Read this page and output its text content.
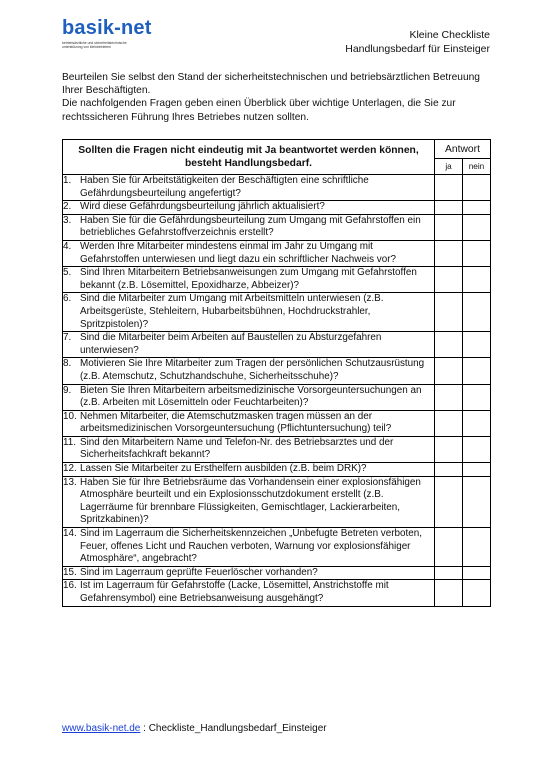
basik-net
betriebsärztliche und sicherheitstechnische unterstützung von kleinbetrieben
Kleine Checkliste
Handlungsbedarf für Einsteiger

Beurteilen Sie selbst den Stand der sicherheitstechnischen und betriebsärztlichen Betreuung Ihrer Beschäftigten.

Die nachfolgenden Fragen geben einen Überblick über wichtige Unterlagen, die Sie zur rechtssicheren Führung Ihres Betriebes nutzen sollten.

Sollten die Fragen nicht eindeutig mit Ja beantwortet werden können, besteht Handlungsbedarf.	Antwort	
	ja	nein

1. Haben Sie für Arbeitstätigkeiten der Beschäftigten eine schriftliche Gefährdungsbeurteilung angefertigt?		

2. Wird diese Gefährdungsbeurteilung jährlich aktualisiert?		

3. Haben Sie für die Gefährdungsbeurteilung zum Umgang mit Gefahrstoffen ein betriebliches Gefahrstoffverzeichnis erstellt?		

4. Werden Ihre Mitarbeiter mindestens einmal im Jahr zu Umgang mit Gefahrstoffen unterwiesen und liegt dazu ein schriftlicher Nachweis vor?		

5. Sind Ihren Mitarbeitern Betriebsanweisungen zum Umgang mit Gefahrstoffen bekannt (z.B. Lösemittel, Epoxidharze, Abbeizer)?		

6. Sind die Mitarbeiter zum Umgang mit Arbeitsmitteln unterwiesen (z.B. Arbeitsgerüste, Stehleitern, Hubarbeitsbühnen, Hochdruckstrahler, Spritzpistolen)?		

7. Sind die Mitarbeiter beim Arbeiten auf Baustellen zu Absturzgefahren unterwiesen?		

8. Motivieren Sie Ihre Mitarbeiter zum Tragen der persönlichen Schutzausrüstung (z.B. Atemschutz, Schutzhandschuhe, Sicherheitsschuhe)?		

9. Bieten Sie Ihren Mitarbeitern arbeitsmedizinische Vorsorgeuntersuchungen an (z.B. Arbeiten mit Lösemitteln oder Feuchtarbeiten)?		

10. Nehmen Mitarbeiter, die Atemschutzmasken tragen müssen an der arbeitsmedizinischen Vorsorgeuntersuchung (Pflichtuntersuchung) teil?		

11. Sind den Mitarbeitern Name und Telefon-Nr. des Betriebsarztes und der Sicherheitsfachkraft bekannt?		

12. Lassen Sie Mitarbeiter zu Ersthelfern ausbilden (z.B. beim DRK)?		

13. Haben Sie für Ihre Betriebsräume das Vorhandensein einer explosionsfähigen Atmosphäre beurteilt und ein Explosionsschutzdokument erstellt (z.B. Lagerräume für brennbare Flüssigkeiten, Gemischtlager, Lackierarbeiten, Spritzkabinen)?		

14. Sind im Lagerraum die Sicherheitskennzeichen „Unbefugte Betreten verboten, Feuer, offenes Licht und Rauchen verboten, Warnung vor explosionsfähiger Atmosphäre“, angebracht?		

15. Sind im Lagerraum geprüfte Feuerlöscher vorhanden?		

16. Ist im Lagerraum für Gefahrstoffe (Lacke, Lösemittel, Anstrichstoffe mit Gefahrensymbol) eine Betriebsanweisung ausgehängt?		

www.basik-net.de : Checkliste_Handlungsbedarf_Einsteiger
